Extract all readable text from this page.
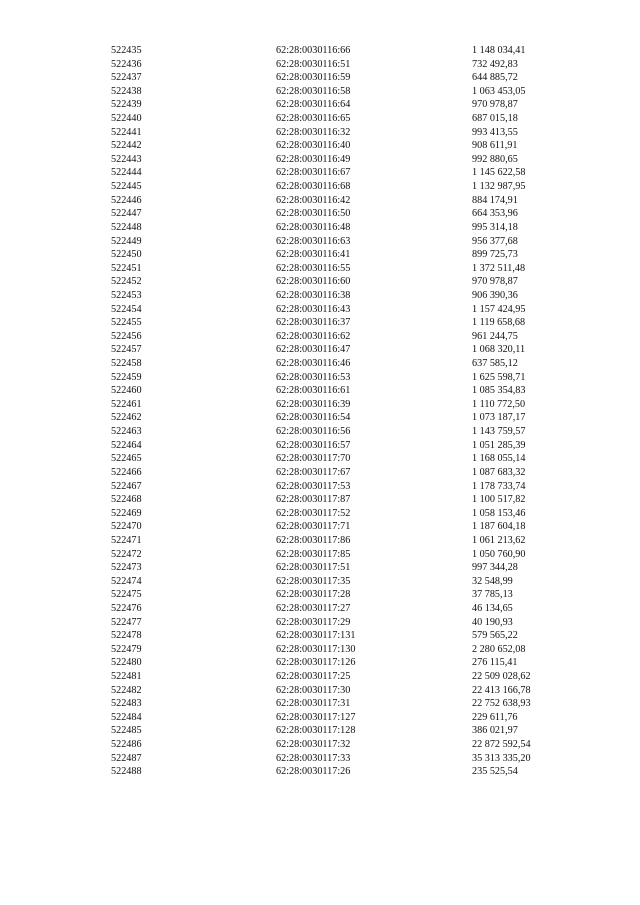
522435	62:28:0030116:66	1 148 034,41
522436	62:28:0030116:51	732 492,83
522437	62:28:0030116:59	644 885,72
522438	62:28:0030116:58	1 063 453,05
522439	62:28:0030116:64	970 978,87
522440	62:28:0030116:65	687 015,18
522441	62:28:0030116:32	993 413,55
522442	62:28:0030116:40	908 611,91
522443	62:28:0030116:49	992 880,65
522444	62:28:0030116:67	1 145 622,58
522445	62:28:0030116:68	1 132 987,95
522446	62:28:0030116:42	884 174,91
522447	62:28:0030116:50	664 353,96
522448	62:28:0030116:48	995 314,18
522449	62:28:0030116:63	956 377,68
522450	62:28:0030116:41	899 725,73
522451	62:28:0030116:55	1 372 511,48
522452	62:28:0030116:60	970 978,87
522453	62:28:0030116:38	906 390,36
522454	62:28:0030116:43	1 157 424,95
522455	62:28:0030116:37	1 119 658,68
522456	62:28:0030116:62	961 244,75
522457	62:28:0030116:47	1 068 320,11
522458	62:28:0030116:46	637 585,12
522459	62:28:0030116:53	1 625 598,71
522460	62:28:0030116:61	1 085 354,83
522461	62:28:0030116:39	1 110 772,50
522462	62:28:0030116:54	1 073 187,17
522463	62:28:0030116:56	1 143 759,57
522464	62:28:0030116:57	1 051 285,39
522465	62:28:0030117:70	1 168 055,14
522466	62:28:0030117:67	1 087 683,32
522467	62:28:0030117:53	1 178 733,74
522468	62:28:0030117:87	1 100 517,82
522469	62:28:0030117:52	1 058 153,46
522470	62:28:0030117:71	1 187 604,18
522471	62:28:0030117:86	1 061 213,62
522472	62:28:0030117:85	1 050 760,90
522473	62:28:0030117:51	997 344,28
522474	62:28:0030117:35	32 548,99
522475	62:28:0030117:28	37 785,13
522476	62:28:0030117:27	46 134,65
522477	62:28:0030117:29	40 190,93
522478	62:28:0030117:131	579 565,22
522479	62:28:0030117:130	2 280 652,08
522480	62:28:0030117:126	276 115,41
522481	62:28:0030117:25	22 509 028,62
522482	62:28:0030117:30	22 413 166,78
522483	62:28:0030117:31	22 752 638,93
522484	62:28:0030117:127	229 611,76
522485	62:28:0030117:128	386 021,97
522486	62:28:0030117:32	22 872 592,54
522487	62:28:0030117:33	35 313 335,20
522488	62:28:0030117:26	235 525,54
